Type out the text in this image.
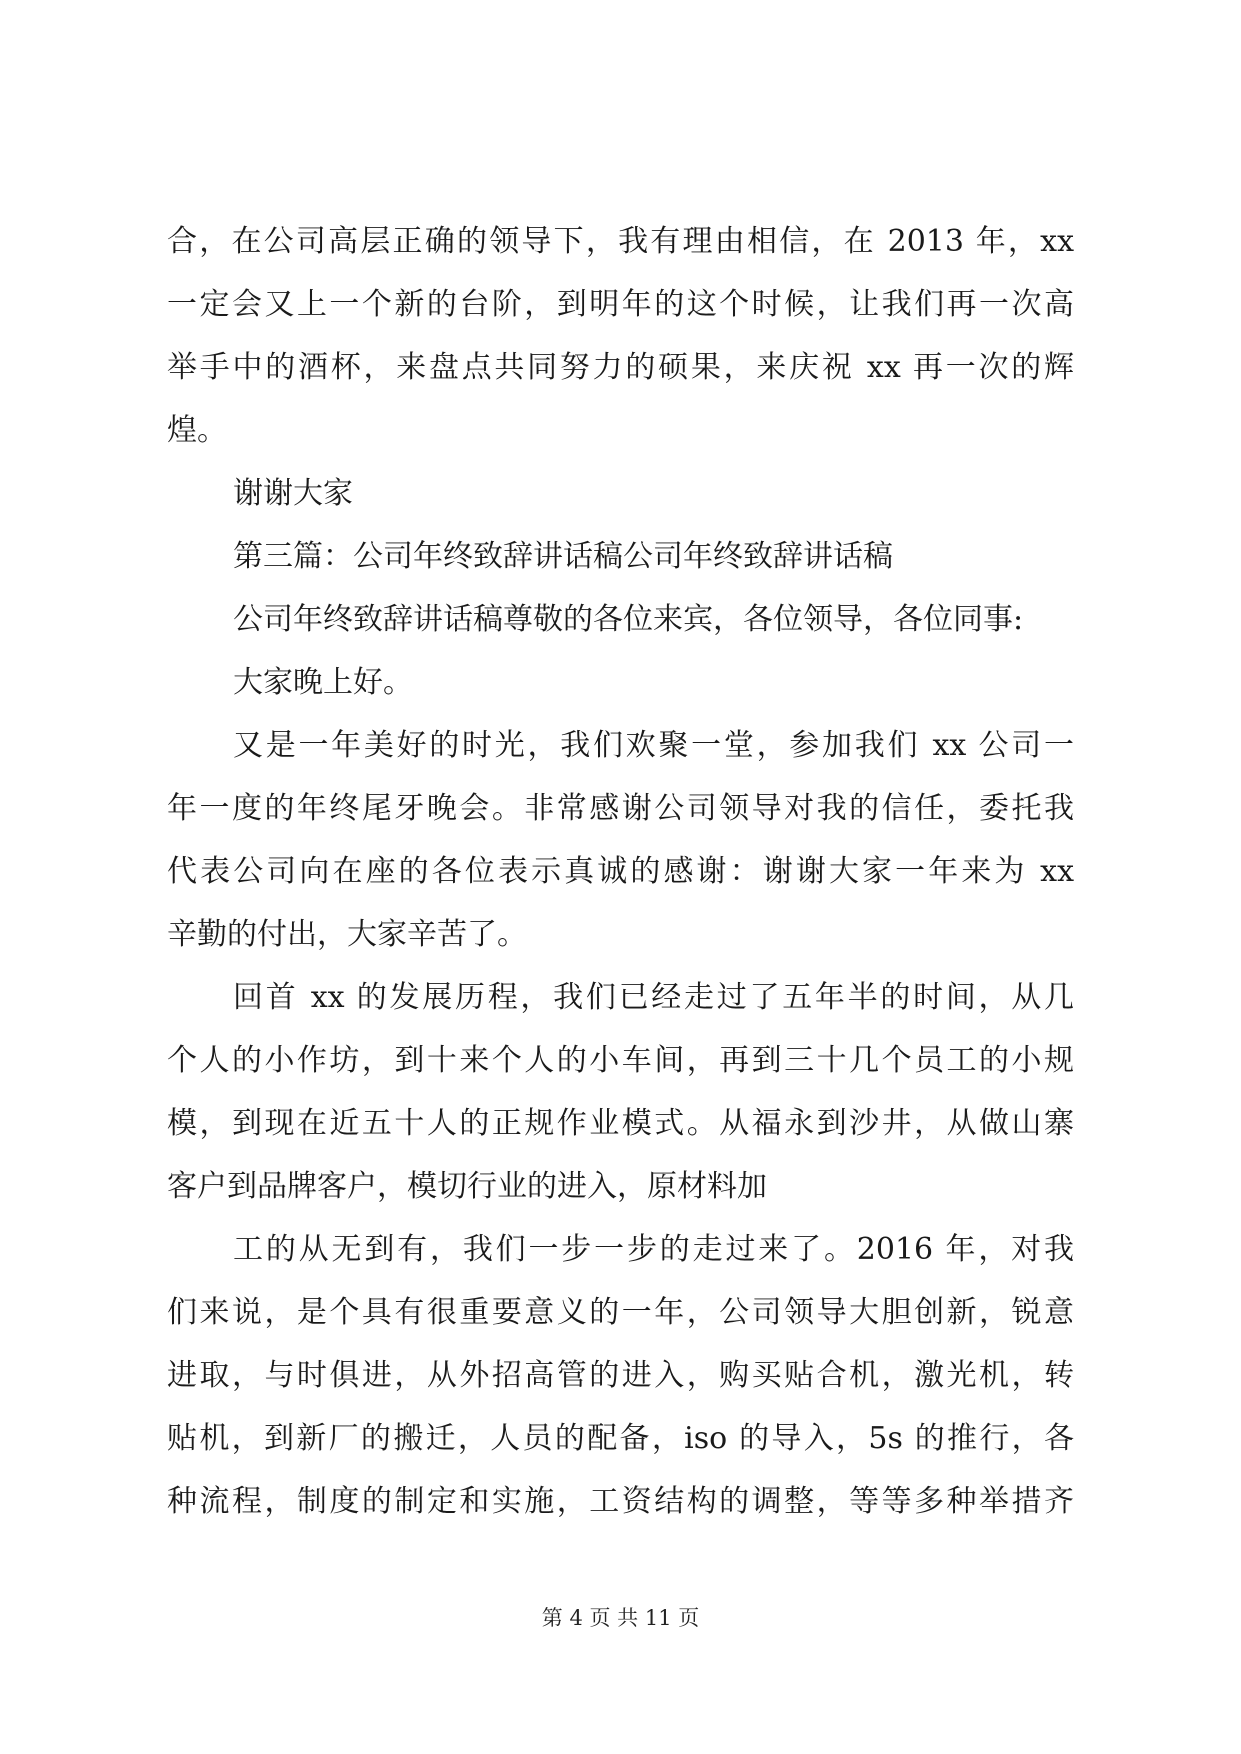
合，在公司高层正确的领导下，我有理由相信，在 2013 年，xx
一定会又上一个新的台阶，到明年的这个时候，让我们再一次高
举手中的酒杯，来盘点共同努力的硕果，来庆祝 xx 再一次的辉
煌。
谢谢大家
第三篇：公司年终致辞讲话稿公司年终致辞讲话稿
公司年终致辞讲话稿尊敬的各位来宾，各位领导，各位同事:
大家晚上好。
又是一年美好的时光，我们欢聚一堂，参加我们 xx 公司一
年一度的年终尾牙晚会。非常感谢公司领导对我的信任，委托我
代表公司向在座的各位表示真诚的感谢：谢谢大家一年来为 xx
辛勤的付出，大家辛苦了。
回首 xx 的发展历程，我们已经走过了五年半的时间，从几
个人的小作坊，到十来个人的小车间，再到三十几个员工的小规
模，到现在近五十人的正规作业模式。从福永到沙井，从做山寨
客户到品牌客户，模切行业的进入，原材料加
工的从无到有，我们一步一步的走过来了。2016 年，对我
们来说，是个具有很重要意义的一年，公司领导大胆创新，锐意
进取，与时俱进，从外招高管的进入，购买贴合机，激光机，转
贴机，到新厂的搬迁，人员的配备，iso 的导入，5s 的推行，各
种流程，制度的制定和实施，工资结构的调整，等等多种举措齐
第 4 页 共 11 页
